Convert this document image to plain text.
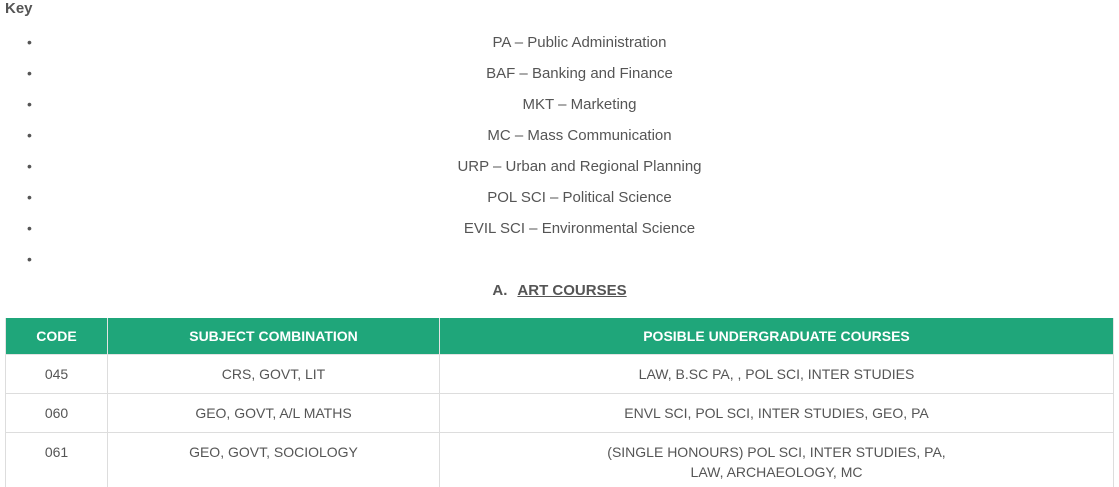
Key
•	PA – Public Administration
•	BAF – Banking and Finance
•	MKT – Marketing
•	MC – Mass Communication
•	URP – Urban and Regional Planning
•	POL SCI – Political Science
•	EVIL SCI – Environmental Science
•
A. ART COURSES
CODE	SUBJECT COMBINATION	POSIBLE UNDERGRADUATE COURSES
045	CRS, GOVT, LIT	LAW, B.SC PA, , POL SCI, INTER STUDIES
060	GEO, GOVT, A/L MATHS	ENVL SCI, POL SCI, INTER STUDIES, GEO, PA
061	GEO, GOVT, SOCIOLOGY	(SINGLE HONOURS) POL SCI, INTER STUDIES, PA, LAW, ARCHAEOLOGY, MC
